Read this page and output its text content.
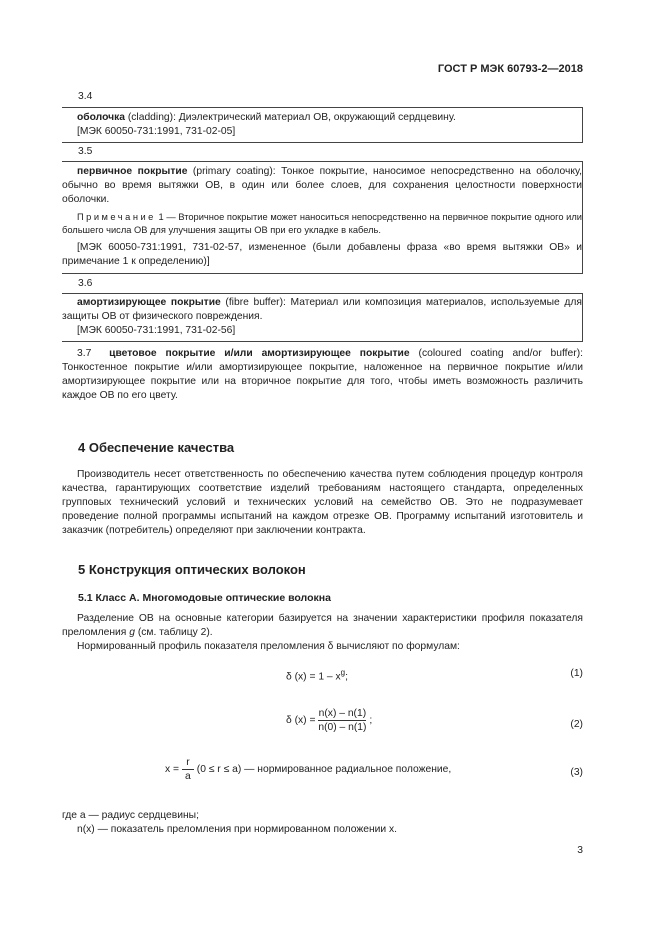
ГОСТ Р МЭК 60793-2—2018
3.4
оболочка (cladding): Диэлектрический материал ОВ, окружающий сердцевину.
[МЭК 60050-731:1991, 731-02-05]
3.5
первичное покрытие (primary coating): Тонкое покрытие, наносимое непосредственно на оболочку, обычно во время вытяжки ОВ, в один или более слоев, для сохранения целостности поверхности оболочки.
Примечание 1 — Вторичное покрытие может наноситься непосредственно на первичное покрытие одного или большего числа ОВ для улучшения защиты ОВ при его укладке в кабель.
[МЭК 60050-731:1991, 731-02-57, измененное (были добавлены фраза «во время вытяжки ОВ» и примечание 1 к определению)]
3.6
амортизирующее покрытие (fibre buffer): Материал или композиция материалов, используемые для защиты ОВ от физического повреждения.
[МЭК 60050-731:1991, 731-02-56]
3.7 цветовое покрытие и/или амортизирующее покрытие (coloured coating and/or buffer): Тонкостенное покрытие и/или амортизирующее покрытие, наложенное на первичное покрытие и/или амортизирующее покрытие или на вторичное покрытие для того, чтобы иметь возможность различить каждое ОВ по его цвету.
4 Обеспечение качества
Производитель несет ответственность по обеспечению качества путем соблюдения процедур контроля качества, гарантирующих соответствие изделий требованиям настоящего стандарта, определенных групповых технический условий и технических условий на семейство ОВ. Это не подразумевает проведение полной программы испытаний на каждом отрезке ОВ. Программу испытаний изготовитель и заказчик (потребитель) определяют при заключении контракта.
5 Конструкция оптических волокон
5.1 Класс А. Многомодовые оптические волокна
Разделение ОВ на основные категории базируется на значении характеристики профиля показателя преломления g (см. таблицу 2).
Нормированный профиль показателя преломления δ вычисляют по формулам:
δ $(x) = 1 - x^g$;	(1)
δ $(x) = \frac{n(x) - n(1)}{n(0) - n(1)}$ ;	(2)
$x = \frac{r}{a} (0 \le r \le a)$ — нормированное радиальное положение,	(3)
где a — радиус сердцевины;
n(x) — показатель преломления при нормированном положении x.
3
